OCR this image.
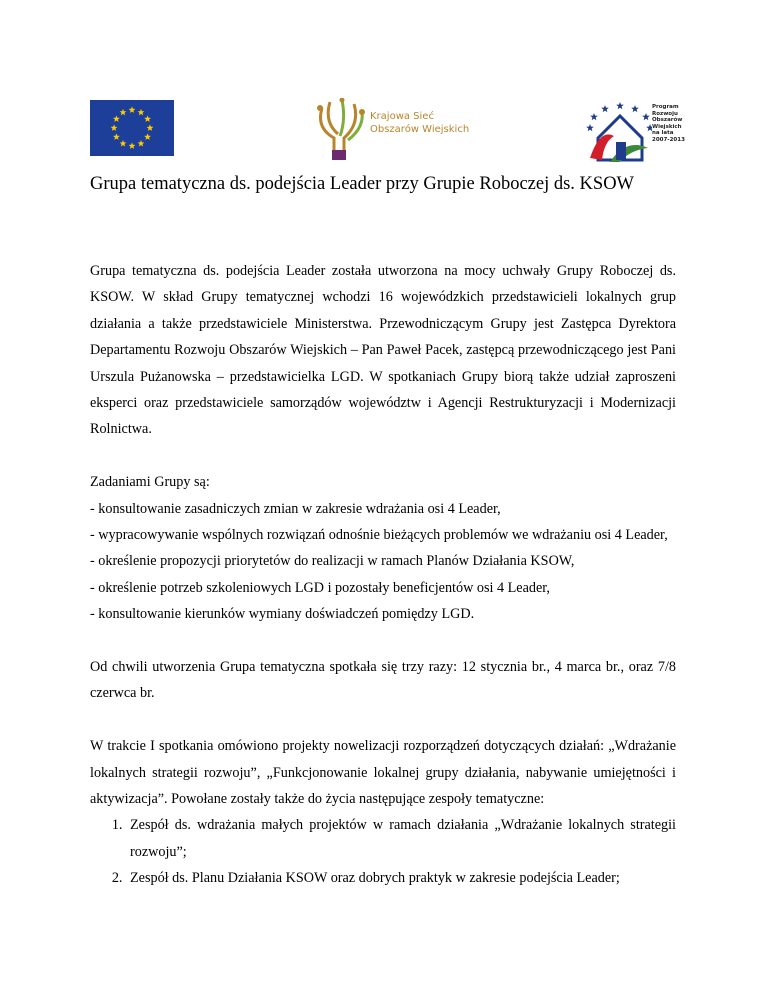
Krajowa Sieć
Obszarów Wiejskich
Program
Rozwoju
Obszarów
Wiejskich
na lata 2007-2013
Grupa tematyczna ds. podejścia Leader przy Grupie Roboczej ds. KSOW

Grupa tematyczna ds. podejścia Leader została utworzona na mocy uchwały Grupy Roboczej ds. KSOW. W skład Grupy tematycznej wchodzi 16 wojewódzkich przedstawicieli lokalnych grup działania a także przedstawiciele Ministerstwa. Przewodniczącym Grupy jest Zastępca Dyrektora Departamentu Rozwoju Obszarów Wiejskich – Pan Paweł Pacek, zastępcą przewodniczącego jest Pani Urszula Pużanowska – przedstawicielka LGD. W spotkaniach Grupy biorą także udział zaproszeni eksperci oraz przedstawiciele samorządów województw i Agencji Restrukturyzacji i Modernizacji Rolnictwa.

Zadaniami Grupy są:

- konsultowanie zasadniczych zmian w zakresie wdrażania osi 4 Leader,

- wypracowywanie wspólnych rozwiązań odnośnie bieżących problemów we wdrażaniu osi 4 Leader,

- określenie propozycji priorytetów do realizacji w ramach Planów Działania KSOW,

- określenie potrzeb szkoleniowych LGD i pozostały beneficjentów osi 4 Leader,

- konsultowanie kierunków wymiany doświadczeń pomiędzy LGD.

Od chwili utworzenia Grupa tematyczna spotkała się trzy razy: 12 stycznia br., 4 marca br., oraz 7/8 czerwca br.

W trakcie I spotkania omówiono projekty nowelizacji rozporządzeń dotyczących działań: „Wdrażanie lokalnych strategii rozwoju”, „Funkcjonowanie lokalnej grupy działania, nabywanie umiejętności i aktywizacja”. Powołane zostały także do życia następujące zespoły tematyczne:

1. Zespół ds. wdrażania małych projektów w ramach działania „Wdrażanie lokalnych strategii rozwoju”;
2. Zespół ds. Planu Działania KSOW oraz dobrych praktyk w zakresie podejścia Leader;
